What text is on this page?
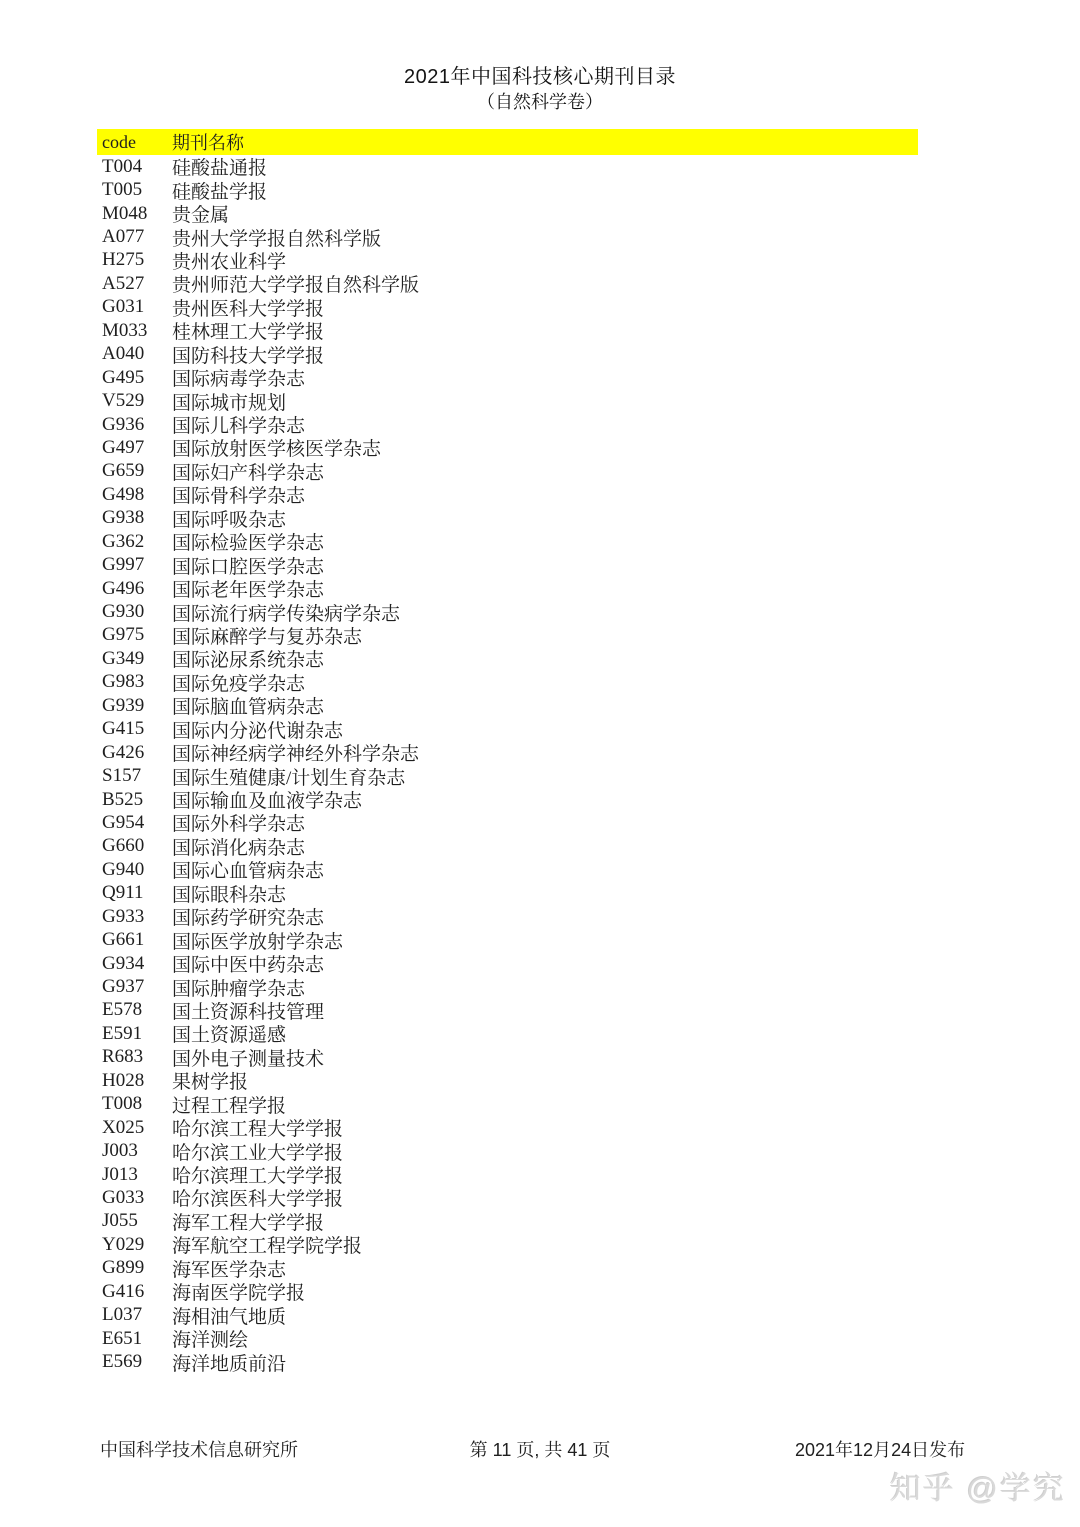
2021年中国科技核心期刊目录
（自然科学卷）
code	期刊名称
T004	硅酸盐通报
T005	硅酸盐学报
M048	贵金属
A077	贵州大学学报自然科学版
H275	贵州农业科学
A527	贵州师范大学学报自然科学版
G031	贵州医科大学学报
M033	桂林理工大学学报
A040	国防科技大学学报
G495	国际病毒学杂志
V529	国际城市规划
G936	国际儿科学杂志
G497	国际放射医学核医学杂志
G659	国际妇产科学杂志
G498	国际骨科学杂志
G938	国际呼吸杂志
G362	国际检验医学杂志
G997	国际口腔医学杂志
G496	国际老年医学杂志
G930	国际流行病学传染病学杂志
G975	国际麻醉学与复苏杂志
G349	国际泌尿系统杂志
G983	国际免疫学杂志
G939	国际脑血管病杂志
G415	国际内分泌代谢杂志
G426	国际神经病学神经外科学杂志
S157	国际生殖健康/计划生育杂志
B525	国际输血及血液学杂志
G954	国际外科学杂志
G660	国际消化病杂志
G940	国际心血管病杂志
Q911	国际眼科杂志
G933	国际药学研究杂志
G661	国际医学放射学杂志
G934	国际中医中药杂志
G937	国际肿瘤学杂志
E578	国土资源科技管理
E591	国土资源遥感
R683	国外电子测量技术
H028	果树学报
T008	过程工程学报
X025	哈尔滨工程大学学报
J003	哈尔滨工业大学学报
J013	哈尔滨理工大学学报
G033	哈尔滨医科大学学报
J055	海军工程大学学报
Y029	海军航空工程学院学报
G899	海军医学杂志
G416	海南医学院学报
L037	海相油气地质
E651	海洋测绘
E569	海洋地质前沿
中国科学技术信息研究所	第 11 页, 共 41 页	2021年12月24日发布
知乎 @学究
